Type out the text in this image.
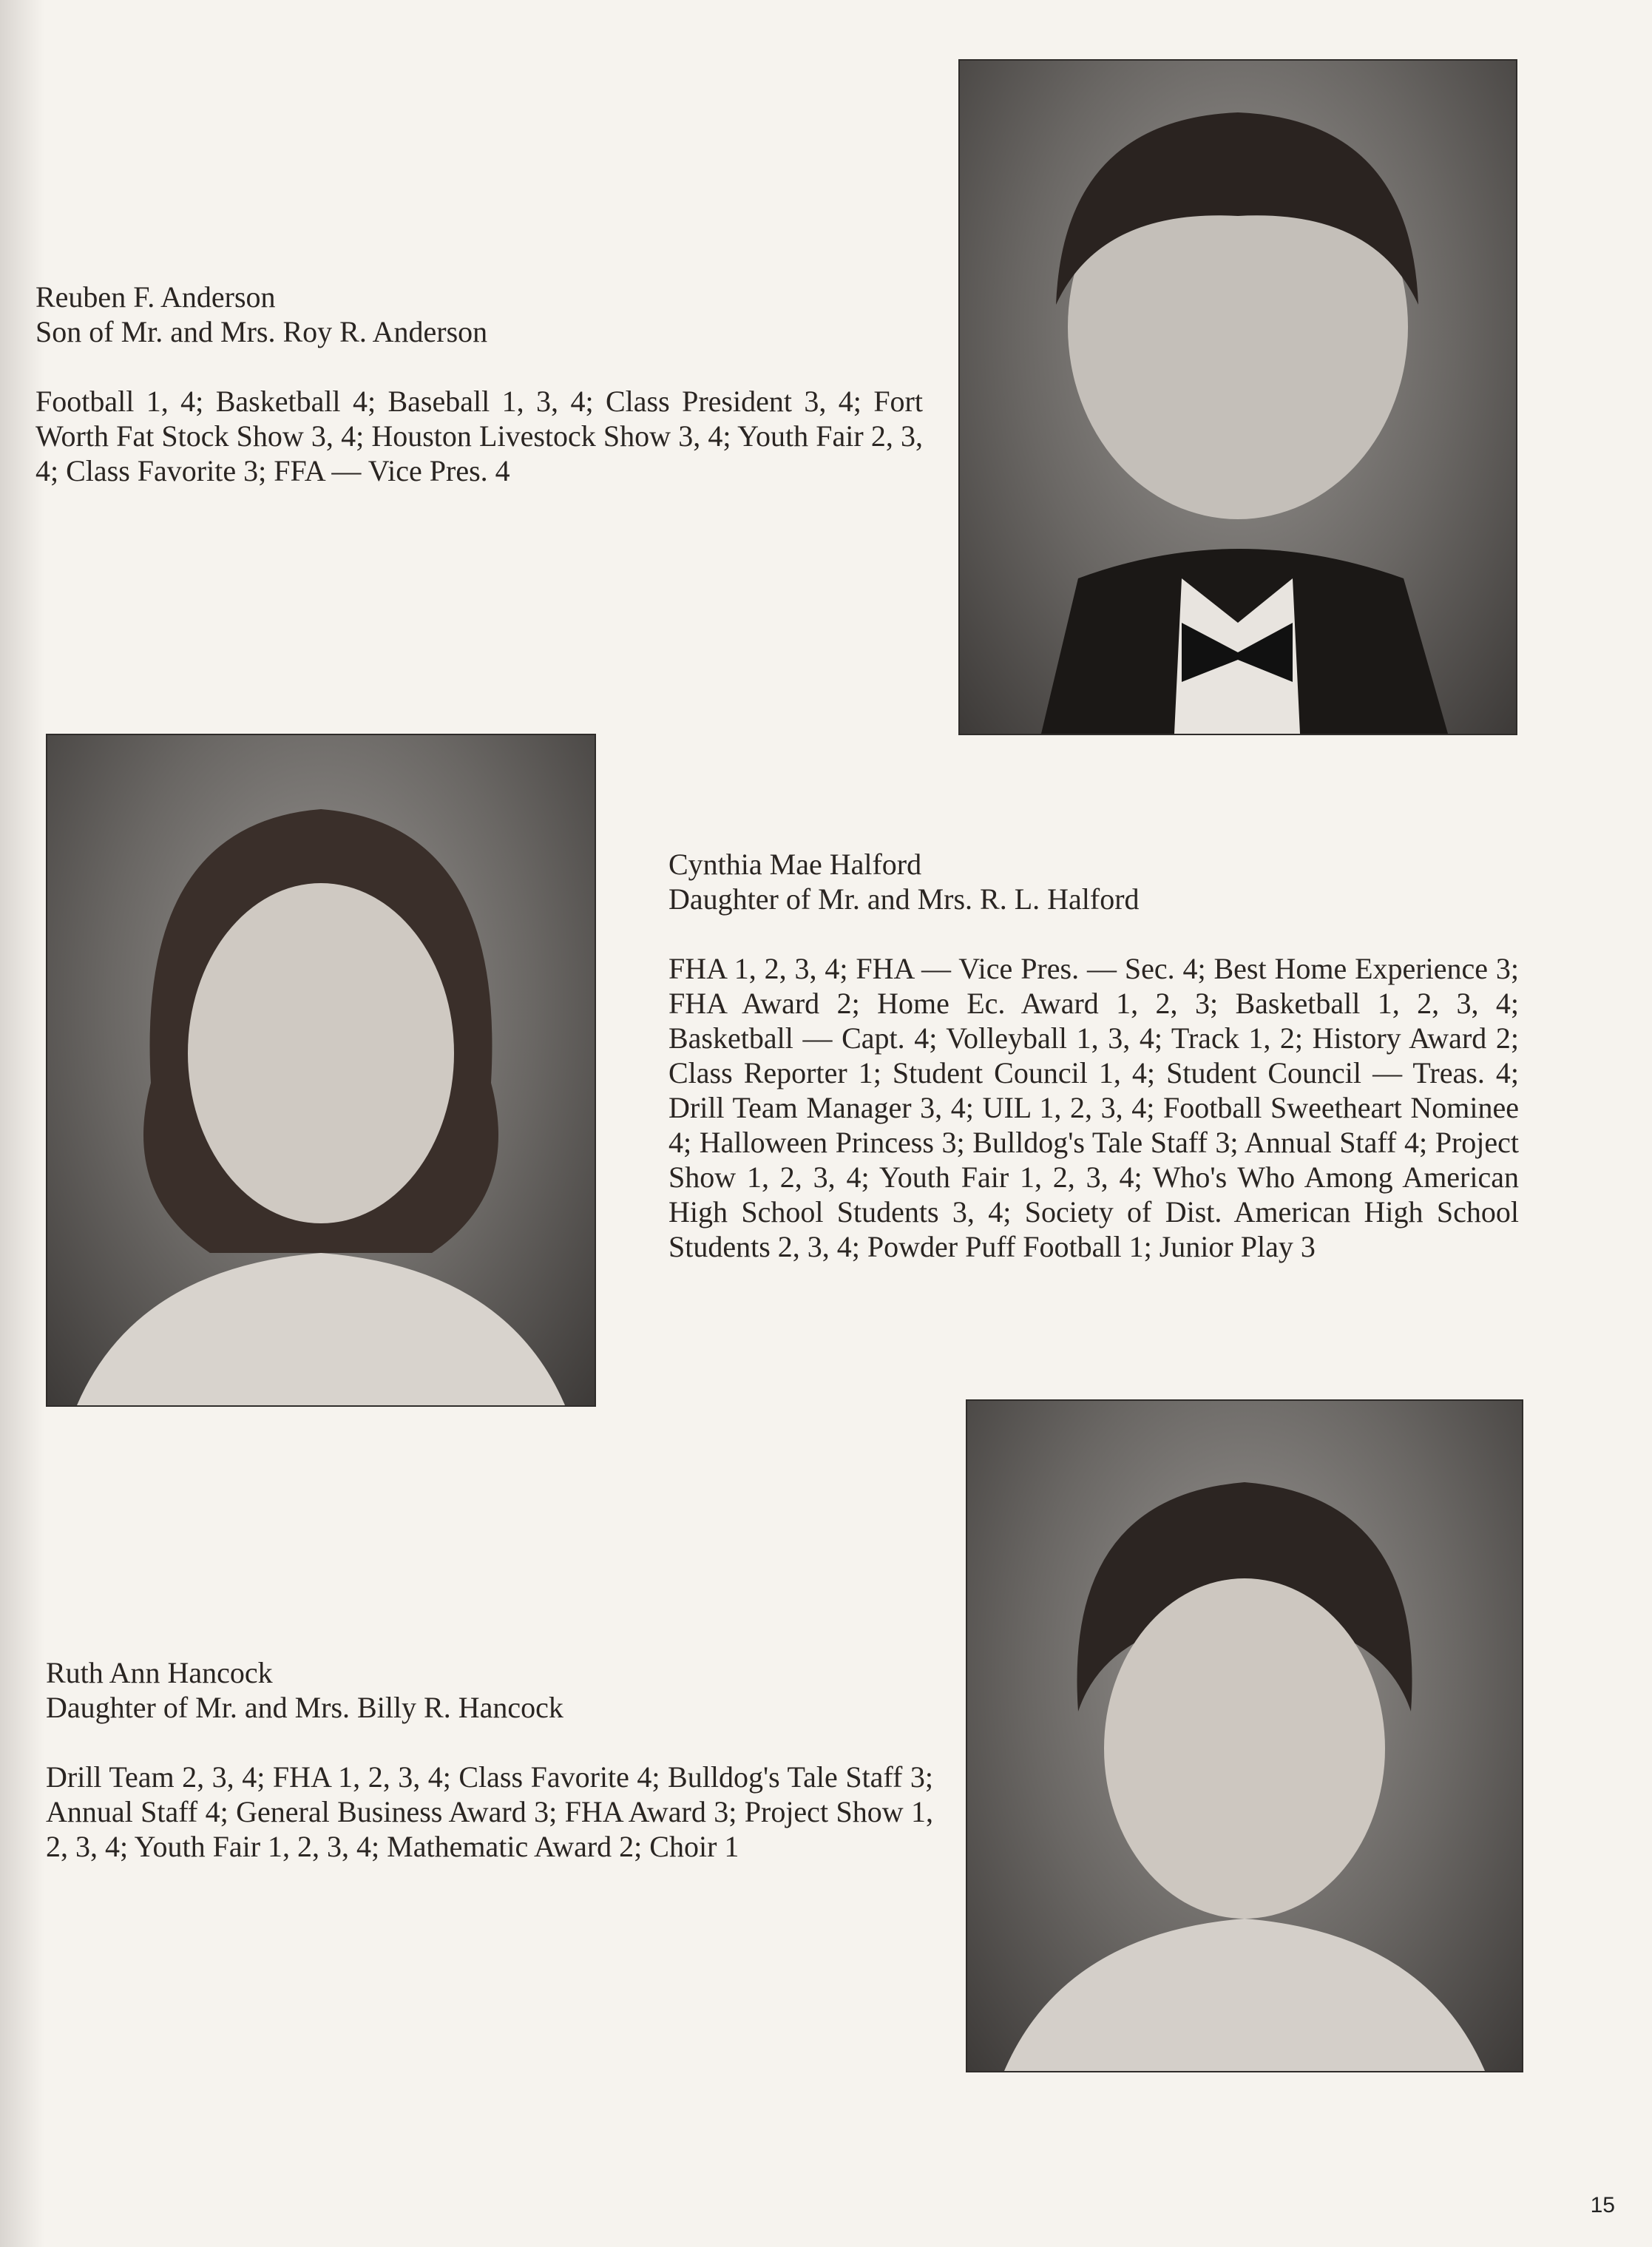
Reuben F. Anderson

Son of Mr. and Mrs. Roy R. Anderson

Football 1, 4; Basketball 4; Baseball 1, 3, 4; Class President 3, 4; Fort Worth Fat Stock Show 3, 4; Houston Livestock Show 3, 4; Youth Fair 2, 3, 4; Class Favorite 3; FFA — Vice Pres. 4

Cynthia Mae Halford

Daughter of Mr. and Mrs. R. L. Halford

FHA 1, 2, 3, 4; FHA — Vice Pres. — Sec. 4; Best Home Experience 3; FHA Award 2; Home Ec. Award 1, 2, 3; Basketball 1, 2, 3, 4; Basketball — Capt. 4; Volleyball 1, 3, 4; Track 1, 2; History Award 2; Class Reporter 1; Student Council 1, 4; Student Council — Treas. 4; Drill Team Manager 3, 4; UIL 1, 2, 3, 4; Football Sweetheart Nominee 4; Halloween Princess 3; Bulldog's Tale Staff 3; Annual Staff 4; Project Show 1, 2, 3, 4; Youth Fair 1, 2, 3, 4; Who's Who Among American High School Students 3, 4; Society of Dist. American High School Students 2, 3, 4; Powder Puff Football 1; Junior Play 3

Ruth Ann Hancock

Daughter of Mr. and Mrs. Billy R. Hancock

Drill Team 2, 3, 4; FHA 1, 2, 3, 4; Class Favorite 4; Bulldog's Tale Staff 3; Annual Staff 4; General Business Award 3; FHA Award 3; Project Show 1, 2, 3, 4; Youth Fair 1, 2, 3, 4; Mathematic Award 2; Choir 1

15
